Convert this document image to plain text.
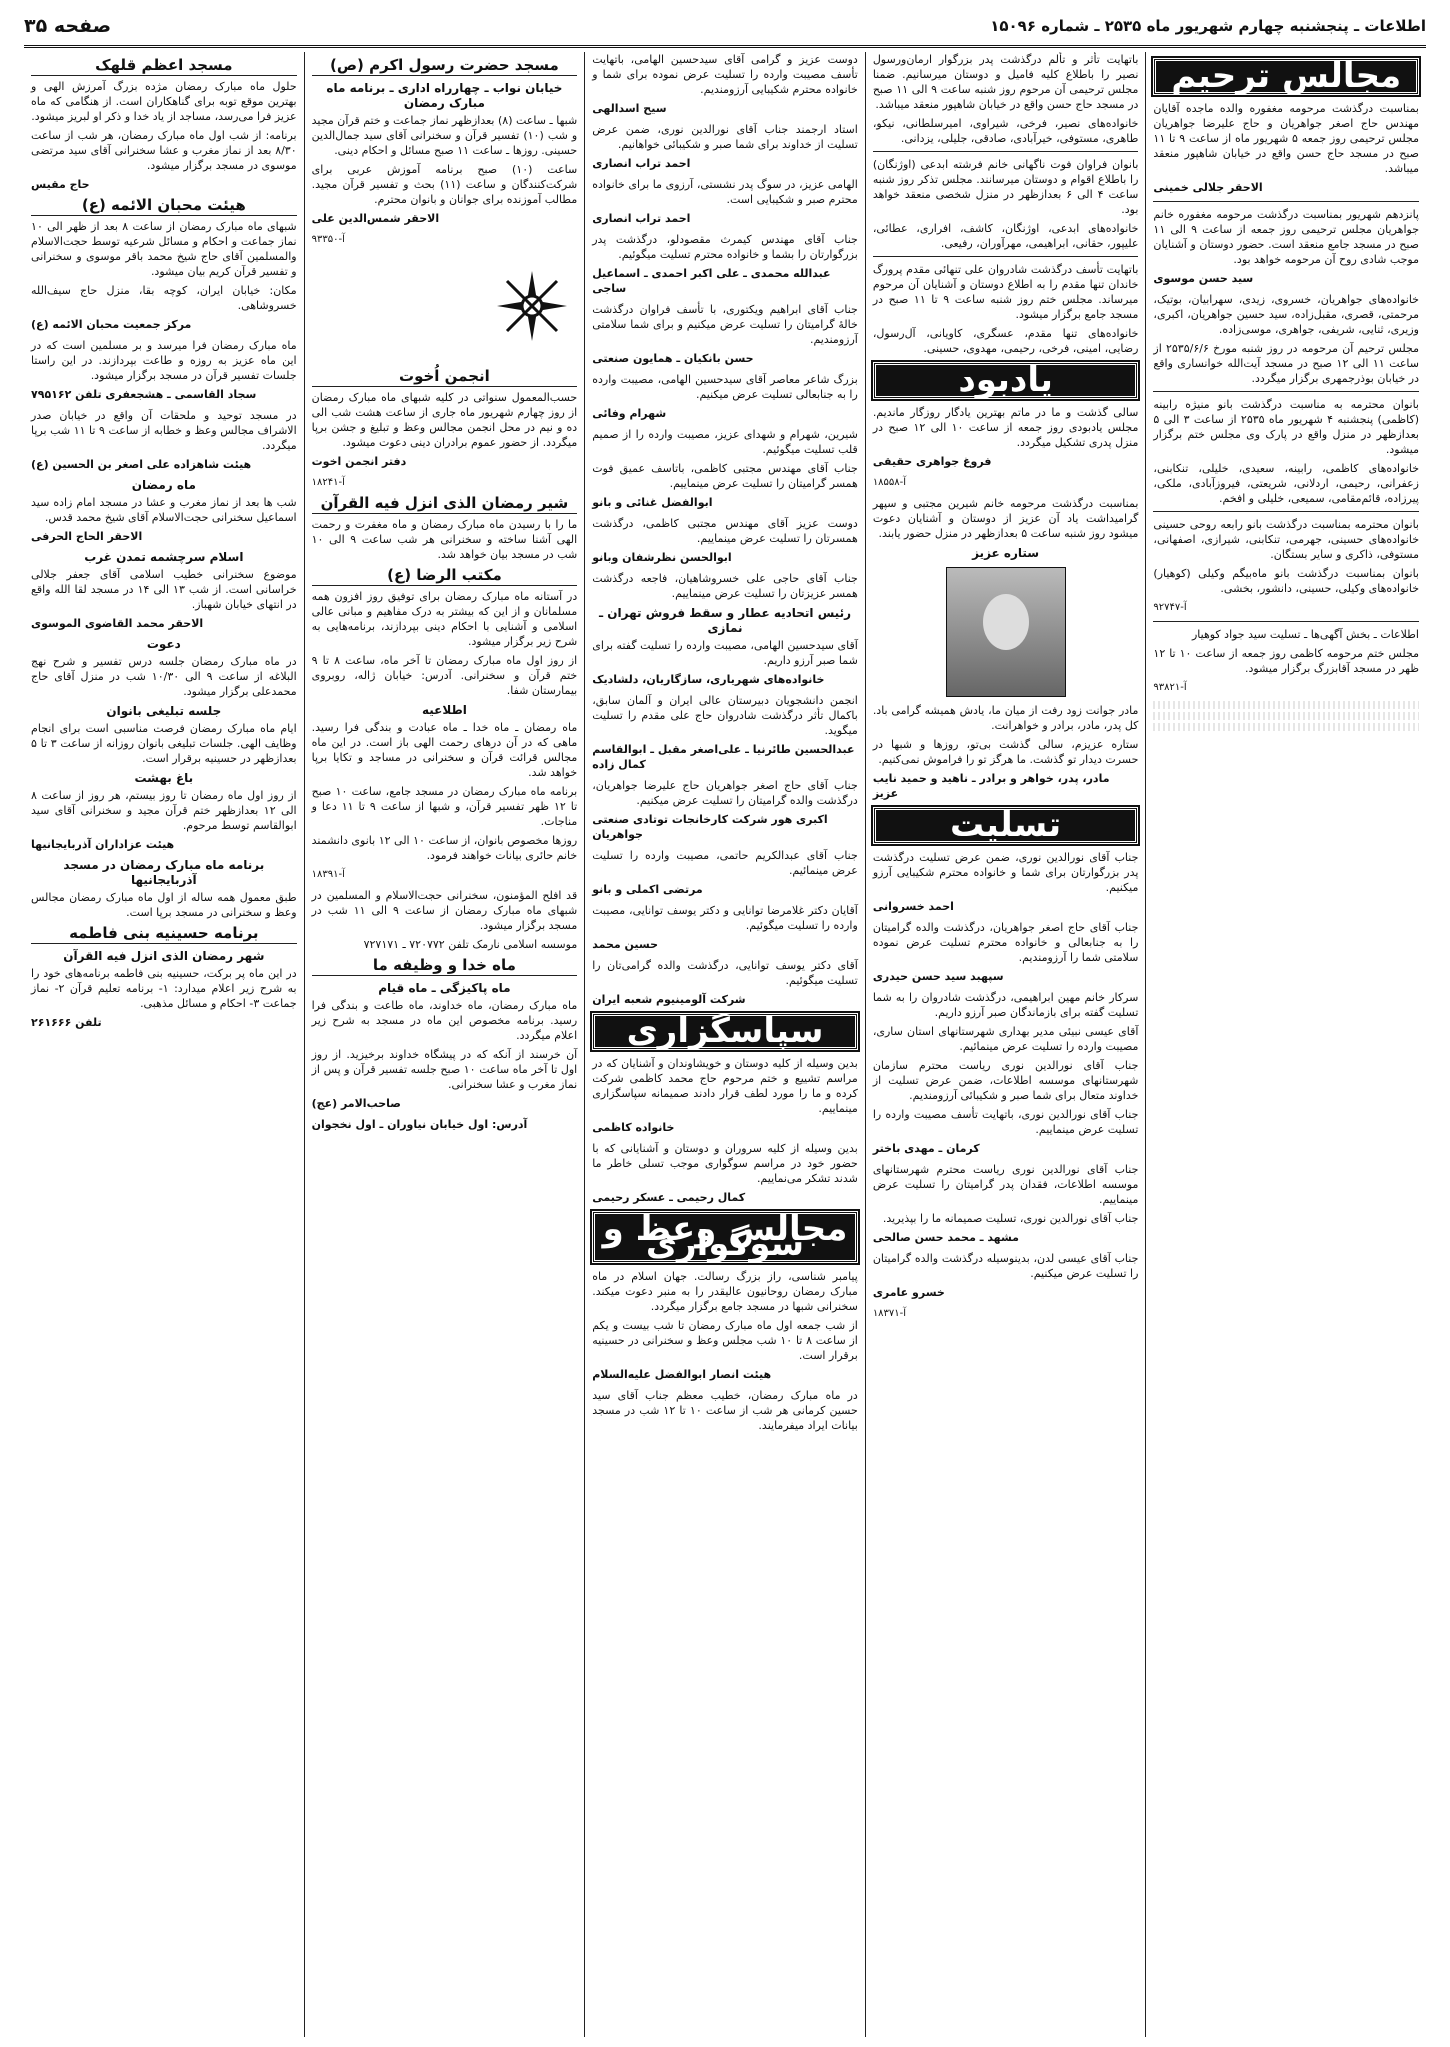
اطلاعات ـ پنجشنبه چهارم شهریور ماه ۲۵۳۵ ـ شماره ۱۵۰۹۶
صفحه ۳۵
مجالس ترحیم

بمناسبت درگذشت مرحومه مغفوره والده ماجده آقایان مهندس حاج اصغر جواهریان و حاج علیرضا جواهریان مجلس ترحیمی روز جمعه ۵ شهریور ماه از ساعت ۹ تا ۱۱ صبح در مسجد حاج حسن واقع در خیابان شاهپور منعقد میباشد.

الاحقر جلالی خمینی

پانزدهم شهریور بمناسبت درگذشت مرحومه مغفوره خانم جواهریان مجلس ترحیمی روز جمعه از ساعت ۹ الی ۱۱ صبح در مسجد جامع منعقد است. حضور دوستان و آشنایان موجب شادی روح آن مرحومه خواهد بود.

سید حسن موسوی

خانواده‌های جواهریان، خسروی، زیدی، سهرابیان، بوتیک، مرحمتی، قصری، مقبل‌زاده، سید حسین جواهریان، اکبری، وزیری، ثنایی، شریفی، جواهری، موسی‌زاده.

مجلس ترحیم آن مرحومه در روز شنبه مورخ ۲۵۳۵/۶/۶ از ساعت ۱۱ الی ۱۲ صبح در مسجد آیت‌الله خوانساری واقع در خیابان بوذرجمهری برگزار میگردد.

بانوان محترمه به مناسبت درگذشت بانو منیژه رابینه (کاظمی) پنجشنبه ۴ شهریور ماه ۲۵۳۵ از ساعت ۳ الی ۵ بعدازظهر در منزل واقع در پارک وی مجلس ختم برگزار میشود.

خانواده‌های کاظمی، رابینه، سعیدی، خلیلی، تنکابنی، زعفرانی، رحیمی، اردلانی، شریعتی، فیروزآبادی، ملکی، پیرزاده، قائم‌مقامی، سمیعی، خلیلی و افخم.

بانوان محترمه بمناسبت درگذشت بانو رابعه روحی حسینی خانواده‌های حسینی، جهرمی، تنکابنی، شیرازی، اصفهانی، مستوفی، ذاکری و سایر بستگان.

بانوان بمناسبت درگذشت بانو ماه‌بیگم وکیلی (کوهیار) خانواده‌های وکیلی، حسینی، دانشور، بخشی.

آ-۹۲۷۴۷

اطلاعات ـ بخش آگهی‌ها ـ تسلیت سید جواد کوهیار

مجلس ختم مرحومه کاظمی روز جمعه از ساعت ۱۰ تا ۱۲ ظهر در مسجد آقابزرگ برگزار میشود.

آ-۹۳۸۲۱

باتهایت تأثر و تألم درگذشت پدر بزرگوار ارمان‌ورسول نصیر را باطلاع کلیه فامیل و دوستان میرسانیم. ضمنا مجلس ترحیمی آن مرحوم روز شنبه ساعت ۹ الی ۱۱ صبح در مسجد حاج حسن واقع در خیابان شاهپور منعقد میباشد.

خانواده‌های نصیر، فرخی، شیراوی، امیرسلطانی، نیکو، طاهری، مستوفی، خیرآبادی، صادقی، جلیلی، یزدانی.

بانوان فراوان فوت ناگهانی خانم فرشته ابدعی (اوژنگان) را باطلاع اقوام و دوستان میرسانند. مجلس تذکر روز شنبه ساعت ۴ الی ۶ بعدازظهر در منزل شخصی منعقد خواهد بود.

خانواده‌های ابدعی، اوژنگان، کاشف، افراری، عطائی، علیپور، حقانی، ابراهیمی، مهرآوران، رفیعی.

باتهایت تأسف درگذشت شادروان علی تنهائی مقدم پرورگ خاندان تنها مقدم را به اطلاع دوستان و آشنایان آن مرحوم میرساند. مجلس ختم روز شنبه ساعت ۹ تا ۱۱ صبح در مسجد جامع برگزار میشود.

خانواده‌های تنها مقدم، عسگری، کاویانی، آل‌رسول، رضایی، امینی، فرخی، رحیمی، مهدوی، حسینی.

یادبود

سالی گذشت و ما در ماتم بهترین یادگار روزگار ماندیم. مجلس یادبودی روز جمعه از ساعت ۱۰ الی ۱۲ صبح در منزل پدری تشکیل میگردد.

فروغ جواهری حقیقی
آ-۱۸۵۵۸

بمناسبت درگذشت مرحومه خانم شیرین مجتبی و سپهر گرامیداشت یاد آن عزیز از دوستان و آشنایان دعوت میشود روز شنبه ساعت ۵ بعدازظهر در منزل حضور یابند.

ستاره عزیز

مادر جوانت زود رفت از میان ما، یادش همیشه گرامی باد. کل پدر، مادر، برادر و خواهرانت.

ستاره عزیزم، سالی گذشت بی‌تو، روزها و شبها در حسرت دیدار تو گذشت. ما هرگز تو را فراموش نمی‌کنیم.

مادر، پدر، خواهر و برادر ـ ناهید و حمید نایب عزیز
تسلیت

جناب آقای نورالدین نوری، ضمن عرض تسلیت درگذشت پدر بزرگوارتان برای شما و خانواده محترم شکیبایی آرزو میکنیم.

احمد خسروانی

جناب آقای حاج اصغر جواهریان، درگذشت والده گرامیتان را به جنابعالی و خانواده محترم تسلیت عرض نموده سلامتی شما را آرزومندیم.

سپهبد سید حسن حیدری

سرکار خانم مهین ابراهیمی، درگذشت شادروان را به شما تسلیت گفته برای بازماندگان صبر آرزو داریم.

آقای عیسی نبیئی مدیر بهداری شهرستانهای استان ساری، مصیبت وارده را تسلیت عرض مینمائیم.

جناب آقای نورالدین نوری ریاست محترم سازمان شهرستانهای موسسه اطلاعات، ضمن عرض تسلیت از خداوند متعال برای شما صبر و شکیبائی آرزومندیم.

جناب آقای نورالدین نوری، باتهایت تأسف مصیبت وارده را تسلیت عرض مینماییم.

کرمان ـ مهدی باختر

جناب آقای نورالدین نوری ریاست محترم شهرستانهای موسسه اطلاعات، فقدان پدر گرامیتان را تسلیت عرض مینماییم.

جناب آقای نورالدین نوری، تسلیت صمیمانه ما را بپذیرید.

مشهد ـ محمد حسن صالحی

جناب آقای عیسی لدن، بدینوسیله درگذشت والده گرامیتان را تسلیت عرض میکنیم.

خسرو عامری
آ-۱۸۳۷۱

دوست عزیز و گرامی آقای سیدحسین الهامی، باتهایت تأسف مصیبت وارده را تسلیت عرض نموده برای شما و خانواده محترم شکیبایی آرزومندیم.

سیح اسدالهی

استاد ارجمند جناب آقای نورالدین نوری، ضمن عرض تسلیت از خداوند برای شما صبر و شکیبائی خواهانیم.

احمد تراب انصاری

الهامی عزیز، در سوگ پدر نشستی، آرزوی ما برای خانواده محترم صبر و شکیبایی است.

احمد تراب انصاری

جناب آقای مهندس کیمرث مقصودلو، درگذشت پدر بزرگوارتان را بشما و خانواده محترم تسلیت میگوئیم.

عبدالله محمدی ـ علی اکبر احمدی ـ اسماعیل ساجی

جناب آقای ابراهیم ویکتوری، با تأسف فراوان درگذشت خالهٔ گرامیتان را تسلیت عرض میکنیم و برای شما سلامتی آرزومندیم.

حسن بانکیان ـ همایون صنعتی

بزرگ شاعر معاصر آقای سیدحسین الهامی، مصیبت وارده را به جنابعالی تسلیت عرض میکنیم.

شهرام وفائی

شیرین، شهرام و شهدای عزیز، مصیبت وارده را از صمیم قلب تسلیت میگوئیم.

جناب آقای مهندس مجتبی کاظمی، باتاسف عمیق فوت همسر گرامیتان را تسلیت عرض مینماییم.

ابوالفضل غنائی و بانو

دوست عزیز آقای مهندس مجتبی کاظمی، درگذشت همسرتان را تسلیت عرض مینماییم.

ابوالحسن نظرشفان وبانو

جناب آقای حاجی علی خسروشاهیان، فاجعه درگذشت همسر عزیزتان را تسلیت عرض مینماییم.

رئیس اتحادیه عطار و سقط فروش تهران ـ نمازی

آقای سیدحسین الهامی، مصیبت وارده را تسلیت گفته برای شما صبر آرزو داریم.

خانواده‌های شهریاری، سازگاریان، دلشادیک

انجمن دانشجویان دبیرستان عالی ایران و آلمان سابق، باکمال تأثر درگذشت شادروان حاج علی مقدم را تسلیت میگوید.

عبدالحسین طائرنیا ـ علی‌اصغر مقبل ـ ابوالقاسم کمال زاده

جناب آقای حاج اصغر جواهریان حاج علیرضا جواهریان، درگذشت والده گرامیتان را تسلیت عرض میکنیم.

اکبری هور شرکت کارخانجات توتادی صنعتی جواهریان

جناب آقای عبدالکریم حاتمی، مصیبت وارده را تسلیت عرض مینمائیم.

مرتضی اکملی و بانو

آقایان دکتر غلامرضا توانایی و دکتر یوسف توانایی، مصیبت وارده را تسلیت میگوئیم.

حسین محمد

آقای دکتر یوسف توانایی، درگذشت والده گرامی‌تان را تسلیت میگوئیم.

شرکت آلومینیوم شعبه ایران
سپاسگزاری

بدین وسیله از کلیه دوستان و خویشاوندان و آشنایان که در مراسم تشییع و ختم مرحوم حاج محمد کاظمی شرکت کرده و ما را مورد لطف قرار دادند صمیمانه سپاسگزاری مینماییم.

خانواده کاظمی

بدین وسیله از کلیه سروران و دوستان و آشنایانی که با حضور خود در مراسم سوگواری موجب تسلی خاطر ما شدند تشکر می‌نماییم.

کمال رحیمی ـ عسکر رحیمی
مجالس وعظ و سوگواری

پیامبر شناسی، راز بزرگ رسالت. جهان اسلام در ماه مبارک رمضان روحانیون عالیقدر را به منبر دعوت میکند. سخنرانی شبها در مسجد جامع برگزار میگردد.

از شب جمعه اول ماه مبارک رمضان تا شب بیست و یکم از ساعت ۸ تا ۱۰ شب مجلس وعظ و سخنرانی در حسینیه برقرار است.

هیئت انصار ابوالفضل علیه‌السلام

در ماه مبارک رمضان، خطیب معظم جناب آقای سید حسین کرمانی هر شب از ساعت ۱۰ تا ۱۲ شب در مسجد بیانات ایراد میفرمایند.

مسجد حضرت رسول اکرم (ص)
خیابان نواب ـ چهارراه اداری ـ برنامه ماه مبارک رمضان

شبها ـ ساعت (۸) بعدازظهر نماز جماعت و ختم قرآن مجید و شب (۱۰) تفسیر قرآن و سخنرانی آقای سید جمال‌الدین حسینی. روزها ـ ساعت ۱۱ صبح مسائل و احکام دینی.

ساعت (۱۰) صبح برنامه آموزش عربی برای شرکت‌کنندگان و ساعت (۱۱) بحث و تفسیر قرآن مجید. مطالب آموزنده برای جوانان و بانوان محترم.

الاحقر شمس‌الدین علی
آ-۹۳۳۵۰
انجمن اُخوت

حسب‌المعمول سنواتی در کلیه شبهای ماه مبارک رمضان از روز چهارم شهریور ماه جاری از ساعت هشت شب الی ده و نیم در محل انجمن مجالس وعظ و تبلیغ و جشن برپا میگردد. از حضور عموم برادران دینی دعوت میشود.

دفتر انجمن اخوت
آ-۱۸۲۴۱
شیر رمضان الذی انزل فیه القرآن

ما را با رسیدن ماه مبارک رمضان و ماه مغفرت و رحمت الهی آشنا ساخته و سخنرانی هر شب ساعت ۹ الی ۱۰ شب در مسجد بیان خواهد شد.

مکتب الرضا (ع)

در آستانه ماه مبارک رمضان برای توفیق روز افزون همه مسلمانان و از این که بیشتر به درک مفاهیم و مبانی عالی اسلامی و آشنایی با احکام دینی بپردازند، برنامه‌هایی به شرح زیر برگزار میشود.

از روز اول ماه مبارک رمضان تا آخر ماه، ساعت ۸ تا ۹ ختم قرآن و سخنرانی. آدرس: خیابان ژاله، روبروی بیمارستان شفا.

اطلاعیه

ماه رمضان ـ ماه خدا ـ ماه عبادت و بندگی فرا رسید. ماهی که در آن درهای رحمت الهی باز است. در این ماه مجالس قرائت قرآن و سخنرانی در مساجد و تکایا برپا خواهد شد.

برنامه ماه مبارک رمضان در مسجد جامع، ساعت ۱۰ صبح تا ۱۲ ظهر تفسیر قرآن، و شبها از ساعت ۹ تا ۱۱ دعا و مناجات.

روزها مخصوص بانوان، از ساعت ۱۰ الی ۱۲ بانوی دانشمند خانم حائری بیانات خواهند فرمود.

آ-۱۸۳۹۱

قد افلح المؤمنون، سخنرانی حجت‌الاسلام و المسلمین در شبهای ماه مبارک رمضان از ساعت ۹ الی ۱۱ شب در مسجد برگزار میشود.

موسسه اسلامی نارمک تلفن ۷۲۰۷۷۲ ـ ۷۲۷۱۷۱

ماه خدا و وظیفه ما
ماه پاکیزگی ـ ماه قیام

ماه مبارک رمضان، ماه خداوند، ماه طاعت و بندگی فرا رسید. برنامه مخصوص این ماه در مسجد به شرح زیر اعلام میگردد.

آن خرسند از آنکه که در پیشگاه خداوند برخیزید. از روز اول تا آخر ماه ساعت ۱۰ صبح جلسه تفسیر قرآن و پس از نماز مغرب و عشا سخنرانی.

صاحب‌الامر (عج)
آدرس: اول خیابان نیاوران ـ اول نخجوان
مسجد اعظم قلهک

حلول ماه مبارک رمضان مژده بزرگ آمرزش الهی و بهترین موقع توبه برای گناهکاران است. از هنگامی که ماه عزیز فرا می‌رسد، مساجد از یاد خدا و ذکر او لبریز میشود.

برنامه: از شب اول ماه مبارک رمضان، هر شب از ساعت ۸/۳۰ بعد از نماز مغرب و عشا سخنرانی آقای سید مرتضی موسوی در مسجد برگزار میشود.

حاج مقیس
هیئت محبان الائمه (ع)

شبهای ماه مبارک رمضان از ساعت ۸ بعد از ظهر الی ۱۰ نماز جماعت و احکام و مسائل شرعیه توسط حجت‌الاسلام والمسلمین آقای حاج شیخ محمد باقر موسوی و سخنرانی و تفسیر قرآن کریم بیان میشود.

مکان: خیابان ایران، کوچه بقا، منزل حاج سیف‌الله خسروشاهی.

مرکز جمعیت محبان الائمه (ع)

ماه مبارک رمضان فرا میرسد و بر مسلمین است که در این ماه عزیز به روزه و طاعت بپردازند. در این راستا جلسات تفسیر قرآن در مسجد برگزار میشود.

سجاد القاسمی ـ هشجعفری تلفن ۷۹۵۱۶۲

در مسجد توحید و ملحقات آن واقع در خیابان صدر الاشراف مجالس وعظ و خطابه از ساعت ۹ تا ۱۱ شب برپا میگردد.

هیئت شاهزاده علی اصغر بن الحسین (ع)
ماه رمضان

شب ها بعد از نماز مغرب و عشا در مسجد امام زاده سید اسماعیل سخنرانی حجت‌الاسلام آقای شیخ محمد قدس.

الاحقر الحاج الحرفی
اسلام سرچشمه تمدن غرب

موضوع سخنرانی خطیب اسلامی آقای جعفر جلالی خراسانی است. از شب ۱۳ الی ۱۴ در مسجد لقا الله واقع در انتهای خیابان شهباز.

الاحقر محمد القاضوی الموسوی
دعوت

در ماه مبارک رمضان جلسه درس تفسیر و شرح نهج البلاغه از ساعت ۹ الی ۱۰/۳۰ شب در منزل آقای حاج محمدعلی برگزار میشود.

جلسه تبلیغی بانوان

ایام ماه مبارک رمضان فرصت مناسبی است برای انجام وظایف الهی. جلسات تبلیغی بانوان روزانه از ساعت ۳ تا ۵ بعدازظهر در حسینیه برقرار است.

باغ بهشت

از روز اول ماه رمضان تا روز بیستم، هر روز از ساعت ۸ الی ۱۲ بعدازظهر ختم قرآن مجید و سخنرانی آقای سید ابوالقاسم توسط مرحوم.

هیئت عزاداران آذربایجانیها
برنامه ماه مبارک رمضان در مسجد آذربایجانیها

طبق معمول همه ساله از اول ماه مبارک رمضان مجالس وعظ و سخنرانی در مسجد برپا است.

برنامه حسینیه بنی فاطمه
شهر رمضان الذی انزل فیه القرآن

در این ماه پر برکت، حسینیه بنی فاطمه برنامه‌های خود را به شرح زیر اعلام میدارد: ۱- برنامه تعلیم قرآن ۲- نماز جماعت ۳- احکام و مسائل مذهبی.

تلفن ۲۶۱۶۶۶
